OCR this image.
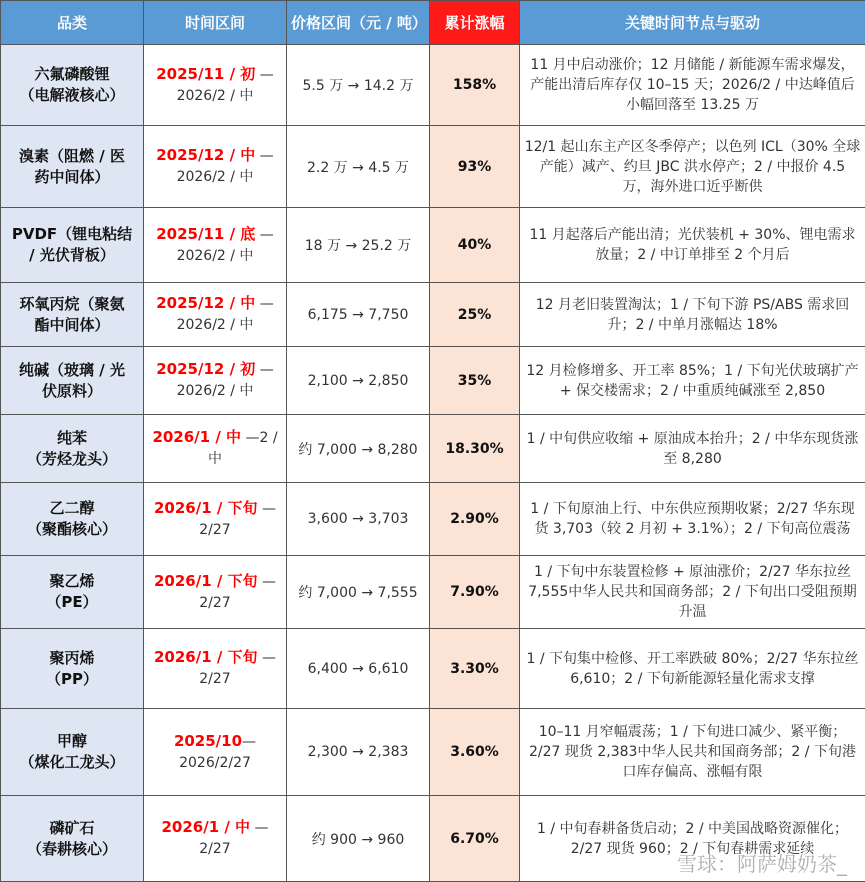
品类	时间区间	价格区间（元 / 吨）	累计涨幅	关键时间节点与驱动

六氟磷酸锂
（电解液核心）	2025/11 / 初 —2026/2 / 中	5.5 万 → 14.2 万	158%	11 月中启动涨价；12 月储能 / 新能源车需求爆发，产能出清后库存仅 10–15 天；2026/2 / 中达峰值后小幅回落至 13.25 万

溴素（阻燃 / 医
药中间体）	2025/12 / 中 —2026/2 / 中	2.2 万 → 4.5 万	93%	12/1 起山东主产区冬季停产；以色列 ICL（30% 全球产能）减产、约旦 JBC 洪水停产；2 / 中报价 4.5 万，海外进口近乎断供

PVDF（锂电粘结
/ 光伏背板）	2025/11 / 底 —2026/2 / 中	18 万 → 25.2 万	40%	11 月起落后产能出清；光伏装机 + 30%、锂电需求放量；2 / 中订单排至 2 个月后

环氧丙烷（聚氨
酯中间体）	2025/12 / 中 —2026/2 / 中	6,175 → 7,750	25%	12 月老旧装置淘汰；1 / 下旬下游 PS/ABS 需求回升；2 / 中单月涨幅达 18%

纯碱（玻璃 / 光
伏原料）	2025/12 / 初 —2026/2 / 中	2,100 → 2,850	35%	12 月检修增多、开工率 85%；1 / 下旬光伏玻璃扩产 + 保交楼需求；2 / 中重质纯碱涨至 2,850

纯苯
（芳烃龙头）	2026/1 / 中 —2 / 中	约 7,000 → 8,280	18.30%	1 / 中旬供应收缩 + 原油成本抬升；2 / 中华东现货涨至 8,280

乙二醇
（聚酯核心）	2026/1 / 下旬 —2/27	3,600 → 3,703	2.90%	1 / 下旬原油上行、中东供应预期收紧；2/27 华东现货 3,703（较 2 月初 + 3.1%）；2 / 下旬高位震荡

聚乙烯
（PE）	2026/1 / 下旬 —2/27	约 7,000 → 7,555	7.90%	1 / 下旬中东装置检修 + 原油涨价；2/27 华东拉丝 7,555中华人民共和国商务部；2 / 下旬出口受阻预期升温

聚丙烯
（PP）	2026/1 / 下旬 —2/27	6,400 → 6,610	3.30%	1 / 下旬集中检修、开工率跌破 80%；2/27 华东拉丝 6,610；2 / 下旬新能源轻量化需求支撑

甲醇
（煤化工龙头）	2025/10—2026/2/27	2,300 → 2,383	3.60%	10–11 月窄幅震荡；1 / 下旬进口减少、紧平衡；2/27 现货 2,383中华人民共和国商务部；2 / 下旬港口库存偏高、涨幅有限

磷矿石
（春耕核心）	2026/1 / 中 —2/27	约 900 → 960	6.70%	1 / 中旬春耕备货启动；2 / 中美国战略资源催化；2/27 现货 960；2 / 下旬春耕需求延续
雪球：阿萨姆奶茶_
